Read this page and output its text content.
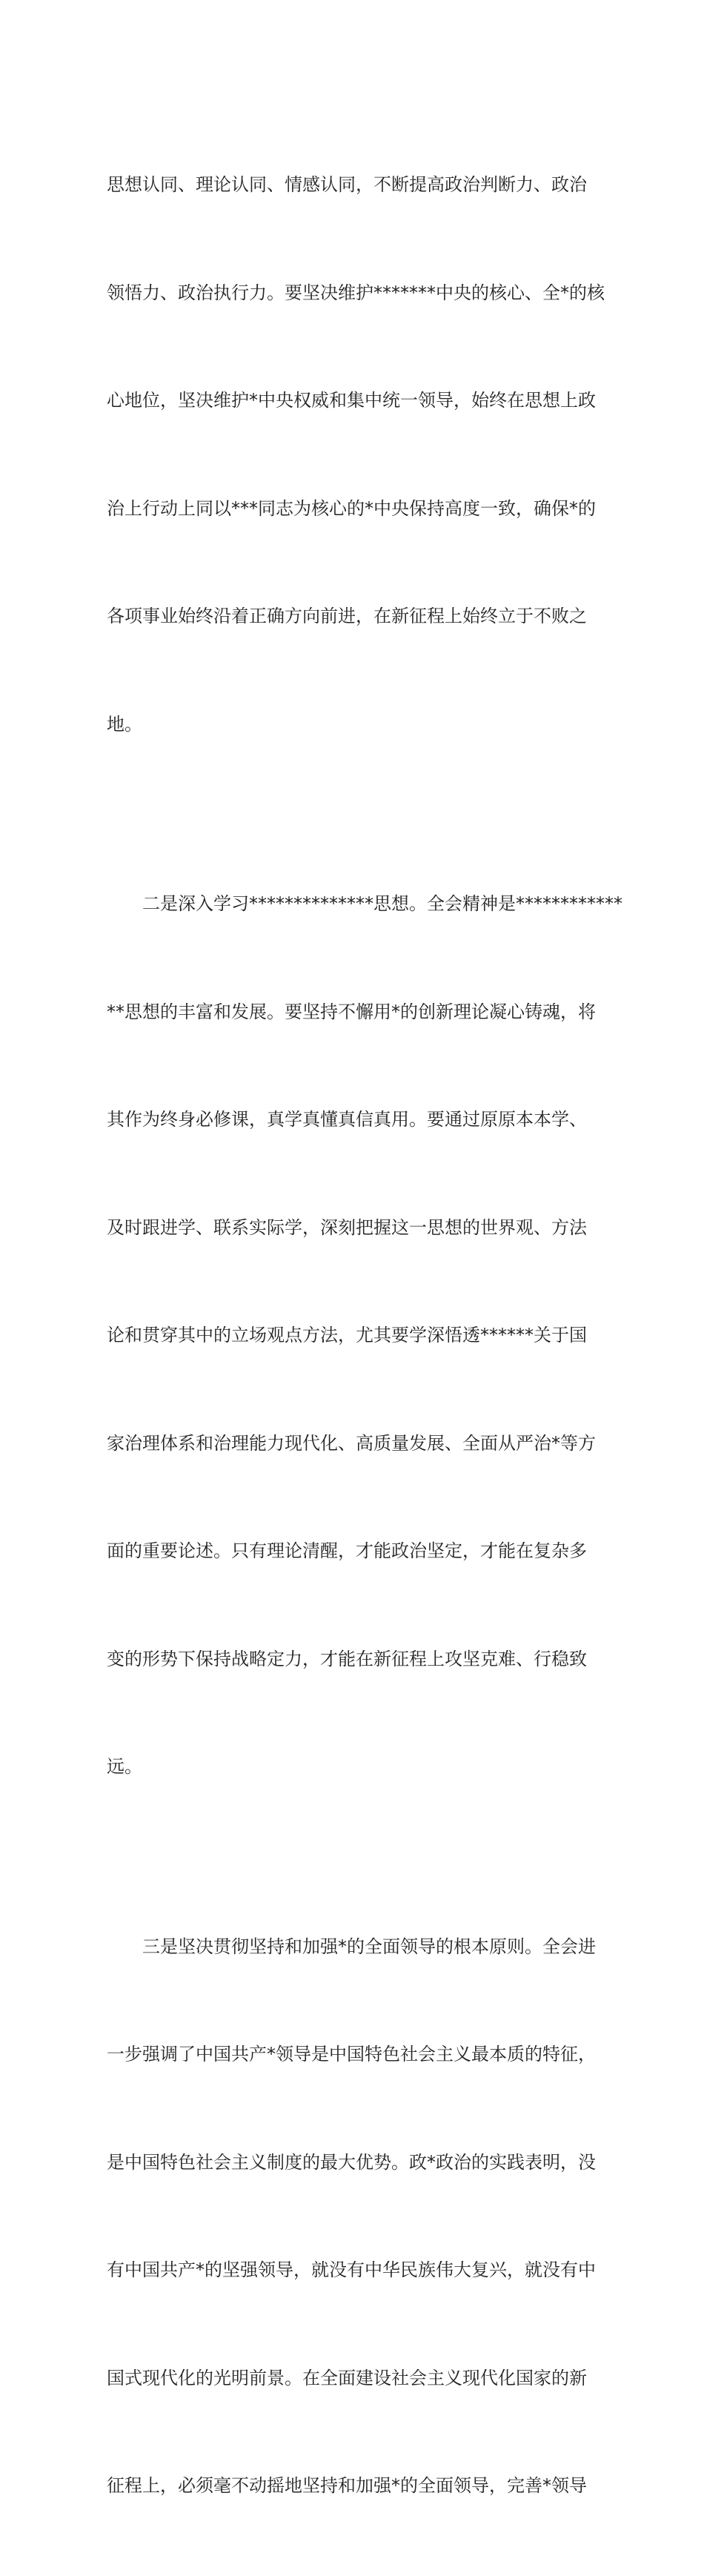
思想认同、理论认同、情感认同，不断提高政治判断力、政治

领悟力、政治执行力。要坚决维护*******中央的核心、全*的核

心地位，坚决维护*中央权威和集中统一领导，始终在思想上政

治上行动上同以***同志为核心的*中央保持高度一致，确保*的

各项事业始终沿着正确方向前进，在新征程上始终立于不败之

地。

　　二是深入学习**************思想。全会精神是************

**思想的丰富和发展。要坚持不懈用*的创新理论凝心铸魂，将

其作为终身必修课，真学真懂真信真用。要通过原原本本学、

及时跟进学、联系实际学，深刻把握这一思想的世界观、方法

论和贯穿其中的立场观点方法，尤其要学深悟透******关于国

家治理体系和治理能力现代化、高质量发展、全面从严治*等方

面的重要论述。只有理论清醒，才能政治坚定，才能在复杂多

变的形势下保持战略定力，才能在新征程上攻坚克难、行稳致

远。

　　三是坚决贯彻坚持和加强*的全面领导的根本原则。全会进

一步强调了中国共产*领导是中国特色社会主义最本质的特征，

是中国特色社会主义制度的最大优势。政*政治的实践表明，没

有中国共产*的坚强领导，就没有中华民族伟大复兴，就没有中

国式现代化的光明前景。在全面建设社会主义现代化国家的新

征程上，必须毫不动摇地坚持和加强*的全面领导，完善*领导
